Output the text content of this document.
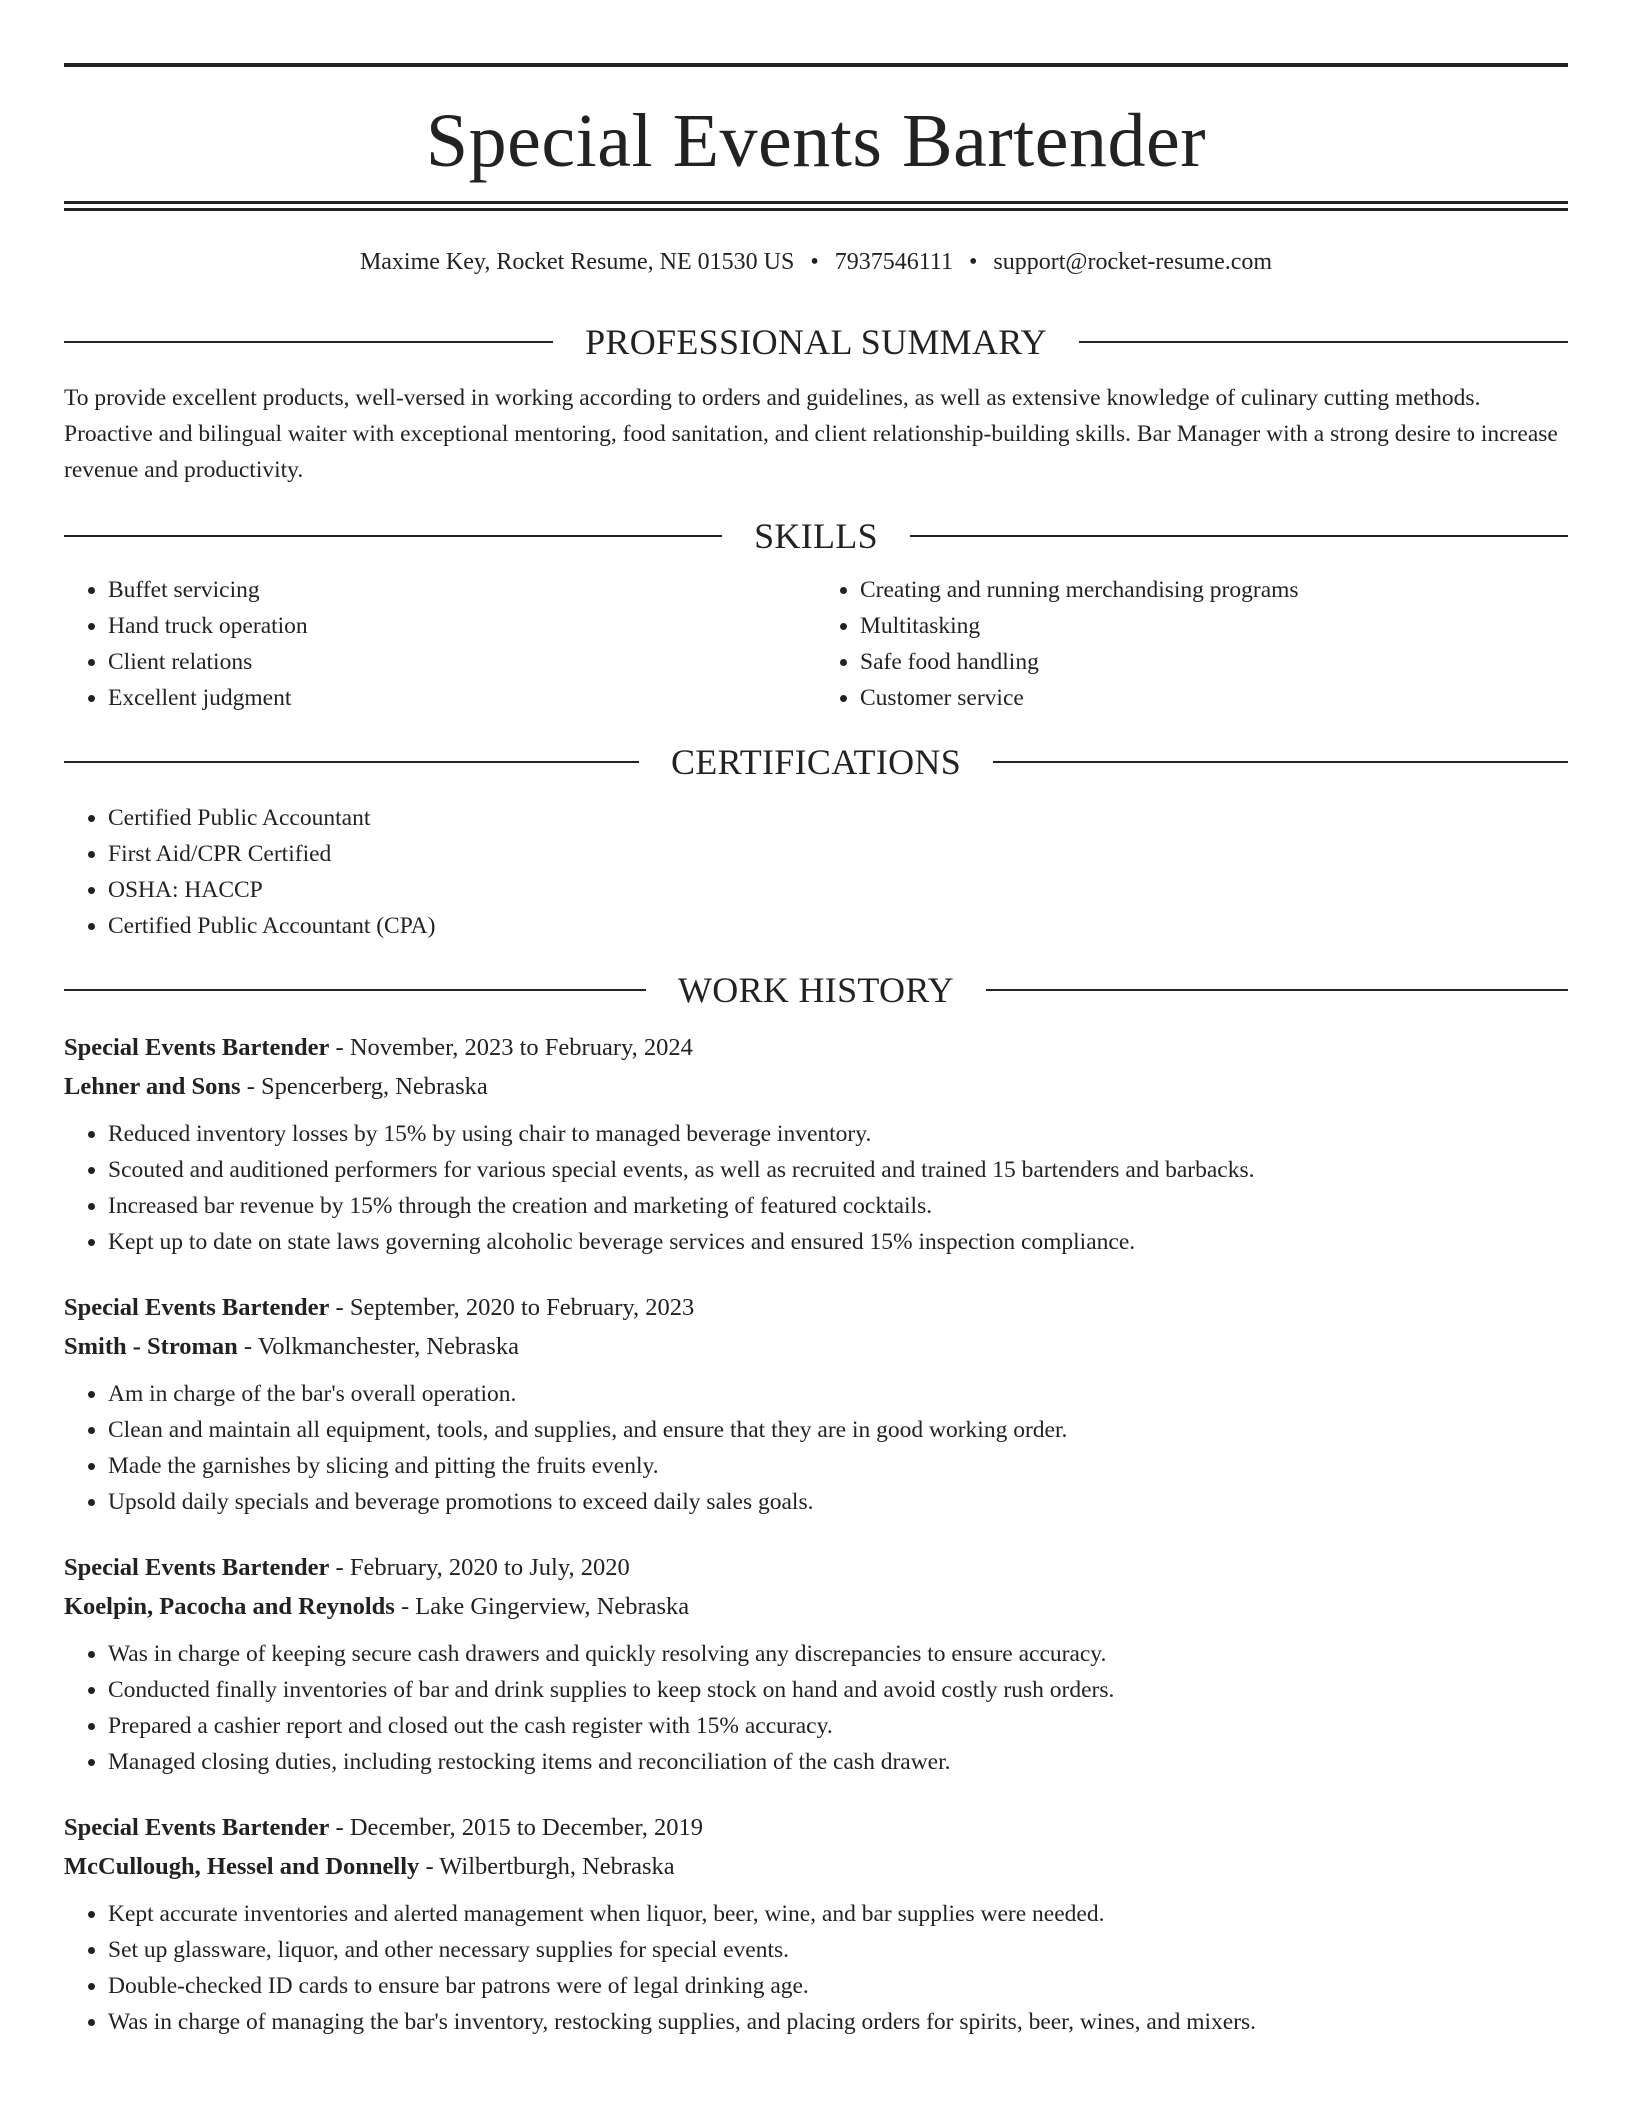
Special Events Bartender
Maxime Key, Rocket Resume, NE 01530 US • 7937546111 • support@rocket-resume.com
PROFESSIONAL SUMMARY
To provide excellent products, well-versed in working according to orders and guidelines, as well as extensive knowledge of culinary cutting methods. Proactive and bilingual waiter with exceptional mentoring, food sanitation, and client relationship-building skills. Bar Manager with a strong desire to increase revenue and productivity.
SKILLS
• Buffet servicing
• Hand truck operation
• Client relations
• Excellent judgment
• Creating and running merchandising programs
• Multitasking
• Safe food handling
• Customer service
CERTIFICATIONS
• Certified Public Accountant
• First Aid/CPR Certified
• OSHA: HACCP
• Certified Public Accountant (CPA)
WORK HISTORY
Special Events Bartender - November, 2023 to February, 2024
Lehner and Sons - Spencerberg, Nebraska
• Reduced inventory losses by 15% by using chair to managed beverage inventory.
• Scouted and auditioned performers for various special events, as well as recruited and trained 15 bartenders and barbacks.
• Increased bar revenue by 15% through the creation and marketing of featured cocktails.
• Kept up to date on state laws governing alcoholic beverage services and ensured 15% inspection compliance.
Special Events Bartender - September, 2020 to February, 2023
Smith - Stroman - Volkmanchester, Nebraska
• Am in charge of the bar's overall operation.
• Clean and maintain all equipment, tools, and supplies, and ensure that they are in good working order.
• Made the garnishes by slicing and pitting the fruits evenly.
• Upsold daily specials and beverage promotions to exceed daily sales goals.
Special Events Bartender - February, 2020 to July, 2020
Koelpin, Pacocha and Reynolds - Lake Gingerview, Nebraska
• Was in charge of keeping secure cash drawers and quickly resolving any discrepancies to ensure accuracy.
• Conducted finally inventories of bar and drink supplies to keep stock on hand and avoid costly rush orders.
• Prepared a cashier report and closed out the cash register with 15% accuracy.
• Managed closing duties, including restocking items and reconciliation of the cash drawer.
Special Events Bartender - December, 2015 to December, 2019
McCullough, Hessel and Donnelly - Wilbertburgh, Nebraska
• Kept accurate inventories and alerted management when liquor, beer, wine, and bar supplies were needed.
• Set up glassware, liquor, and other necessary supplies for special events.
• Double-checked ID cards to ensure bar patrons were of legal drinking age.
• Was in charge of managing the bar's inventory, restocking supplies, and placing orders for spirits, beer, wines, and mixers.
